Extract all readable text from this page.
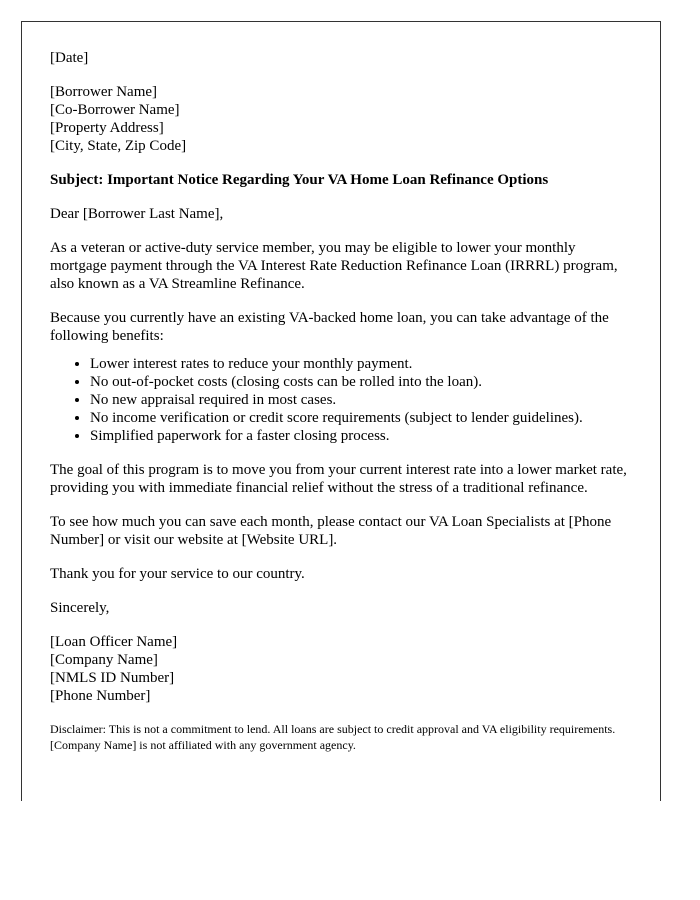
[Date]
[Borrower Name]
[Co-Borrower Name]
[Property Address]
[City, State, Zip Code]

Subject: Important Notice Regarding Your VA Home Loan Refinance Options

Dear [Borrower Last Name],

As a veteran or active-duty service member, you may be eligible to lower your monthly mortgage payment through the VA Interest Rate Reduction Refinance Loan (IRRRL) program, also known as a VA Streamline Refinance.

Because you currently have an existing VA-backed home loan, you can take advantage of the following benefits:

• Lower interest rates to reduce your monthly payment.
• No out-of-pocket costs (closing costs can be rolled into the loan).
• No new appraisal required in most cases.
• No income verification or credit score requirements (subject to lender guidelines).
• Simplified paperwork for a faster closing process.

The goal of this program is to move you from your current interest rate into a lower market rate, providing you with immediate financial relief without the stress of a traditional refinance.

To see how much you can save each month, please contact our VA Loan Specialists at [Phone Number] or visit our website at [Website URL].

Thank you for your service to our country.

Sincerely,

[Loan Officer Name]
[Company Name]
[NMLS ID Number]
[Phone Number]

Disclaimer: This is not a commitment to lend. All loans are subject to credit approval and VA eligibility requirements. [Company Name] is not affiliated with any government agency.
